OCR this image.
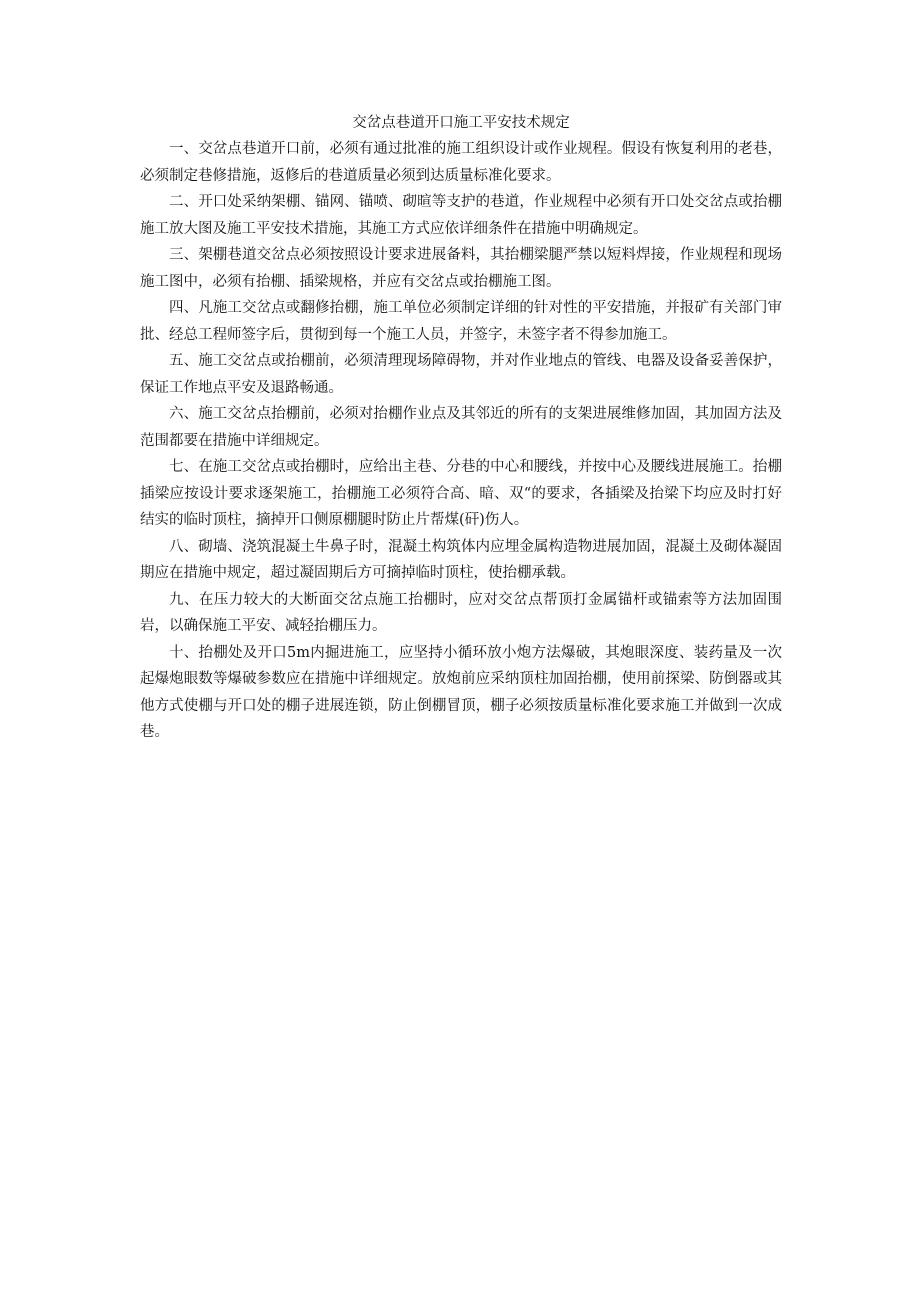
交岔点巷道开口施工平安技术规定

一、交岔点巷道开口前，必须有通过批准的施工组织设计或作业规程。假设有恢复利用的老巷，必须制定巷修措施，返修后的巷道质量必须到达质量标准化要求。

二、开口处采纳架棚、锚网、锚喷、砌暄等支护的巷道，作业规程中必须有开口处交岔点或抬棚施工放大图及施工平安技术措施，其施工方式应依详细条件在措施中明确规定。

三、架棚巷道交岔点必须按照设计要求进展备料，其抬棚梁腿严禁以短料焊接，作业规程和现场施工图中，必须有抬棚、插梁规格，并应有交岔点或抬棚施工图。

四、凡施工交岔点或翻修抬棚，施工单位必须制定详细的针对性的平安措施，并报矿有关部门审批、经总工程师签字后，贯彻到每一个施工人员，并签字，未签字者不得参加施工。

五、施工交岔点或抬棚前，必须清理现场障碍物，并对作业地点的管线、电器及设备妥善保护，保证工作地点平安及退路畅通。

六、施工交岔点抬棚前，必须对抬棚作业点及其邻近的所有的支架进展维修加固，其加固方法及范围都要在措施中详细规定。

七、在施工交岔点或抬棚时，应给出主巷、分巷的中心和腰线，并按中心及腰线进展施工。抬棚插梁应按设计要求逐架施工，抬棚施工必须符合高、暗、双“的要求，各插梁及抬梁下均应及时打好结实的临时顶柱，摘掉开口侧原棚腿时防止片帮煤(矸)伤人。

八、砌墙、浇筑混凝土牛鼻子时，混凝土构筑体内应埋金属构造物进展加固，混凝土及砌体凝固期应在措施中规定，超过凝固期后方可摘掉临时顶柱，使抬棚承载。

九、在压力较大的大断面交岔点施工抬棚时，应对交岔点帮顶打金属锚杆或锚索等方法加固围岩，以确保施工平安、减轻抬棚压力。

十、抬棚处及开口5m内掘进施工，应坚持小循环放小炮方法爆破，其炮眼深度、装药量及一次起爆炮眼数等爆破参数应在措施中详细规定。放炮前应采纳顶柱加固抬棚，使用前探梁、防倒器或其他方式使棚与开口处的棚子进展连锁，防止倒棚冒顶，棚子必须按质量标准化要求施工并做到一次成巷。
